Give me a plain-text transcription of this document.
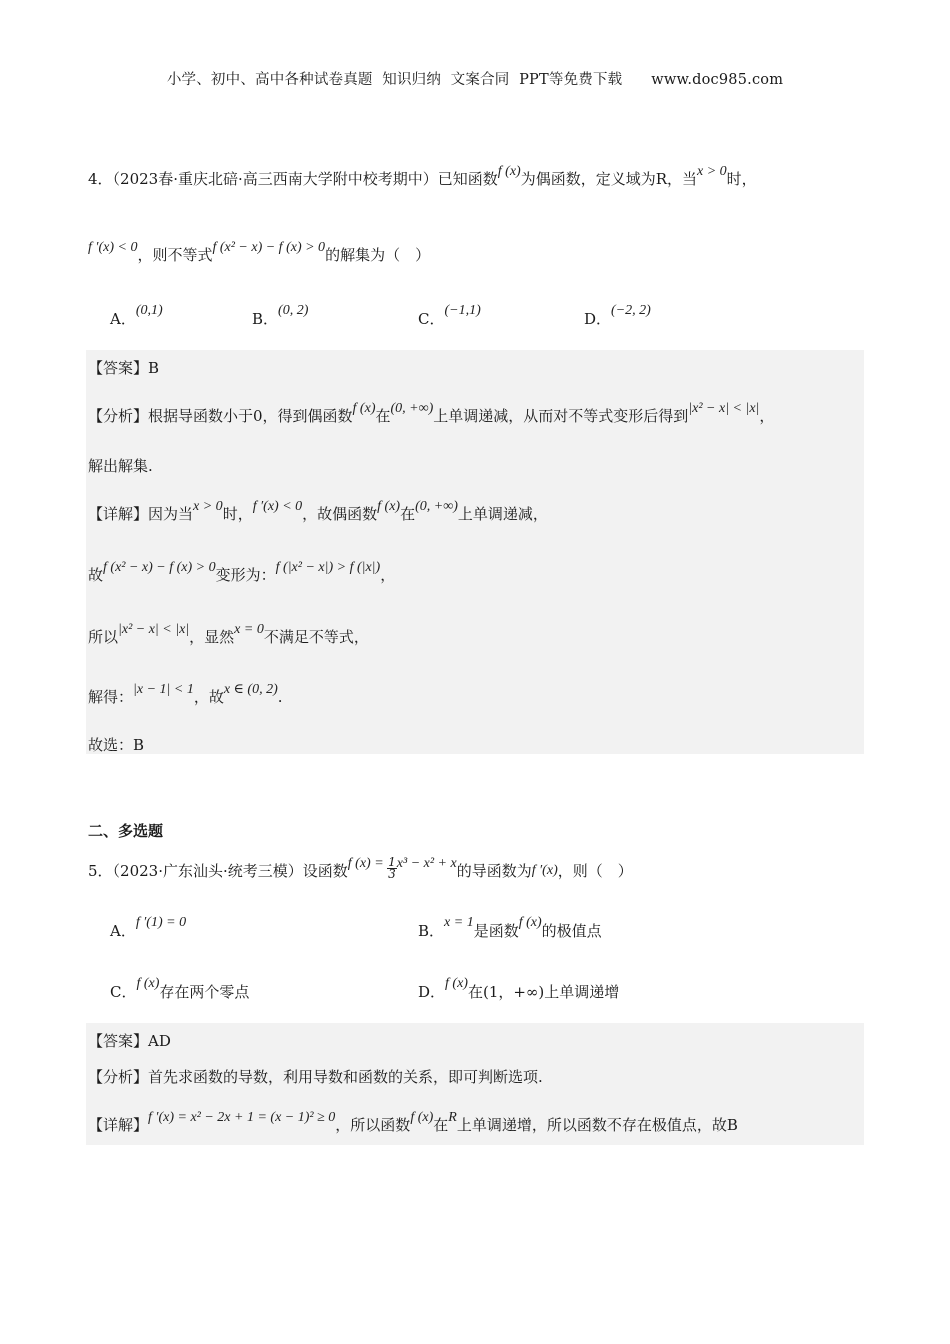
小学、初中、高中各种试卷真题  知识归纳  文案合同  PPT等免费下载      www.doc985.com
4．（2023春·重庆北碚·高三西南大学附中校考期中）已知函数f (x)为偶函数，定义域为R，当x > 0时，
f ′(x) < 0，则不等式f (x² − x) − f (x) > 0的解集为（　）
A．(0,1)	B．(0, 2)	C．(−1,1)	D．(−2, 2)
【答案】B
【分析】根据导函数小于0，得到偶函数f (x)在(0, +∞)上单调递减，从而对不等式变形后得到|x² − x| < |x|，
解出解集.
【详解】因为当x > 0时，f ′(x) < 0，故偶函数f (x)在(0, +∞)上单调递减，
故f (x² − x) − f (x) > 0变形为：f (|x² − x|) > f (|x|)，
所以|x² − x| < |x|，显然x = 0不满足不等式，
解得：|x − 1| < 1，故x ∈ (0, 2).
故选：B
二、多选题
5．（2023·广东汕头·统考三模）设函数f $(x) = \frac{1}{3} x^3 - x^2 + x$的导函数为f ′(x)，则（　）
A．f ′(1) = 0	B．x = 1是函数f (x)的极值点
C．f (x)存在两个零点	D．f (x)在(1，+∞)上单调递增
【答案】AD
【分析】首先求函数的导数，利用导数和函数的关系，即可判断选项.
【详解】f ′(x) = x² − 2x + 1 = (x − 1)² ≥ 0，所以函数f (x)在R上单调递增，所以函数不存在极值点，故B
